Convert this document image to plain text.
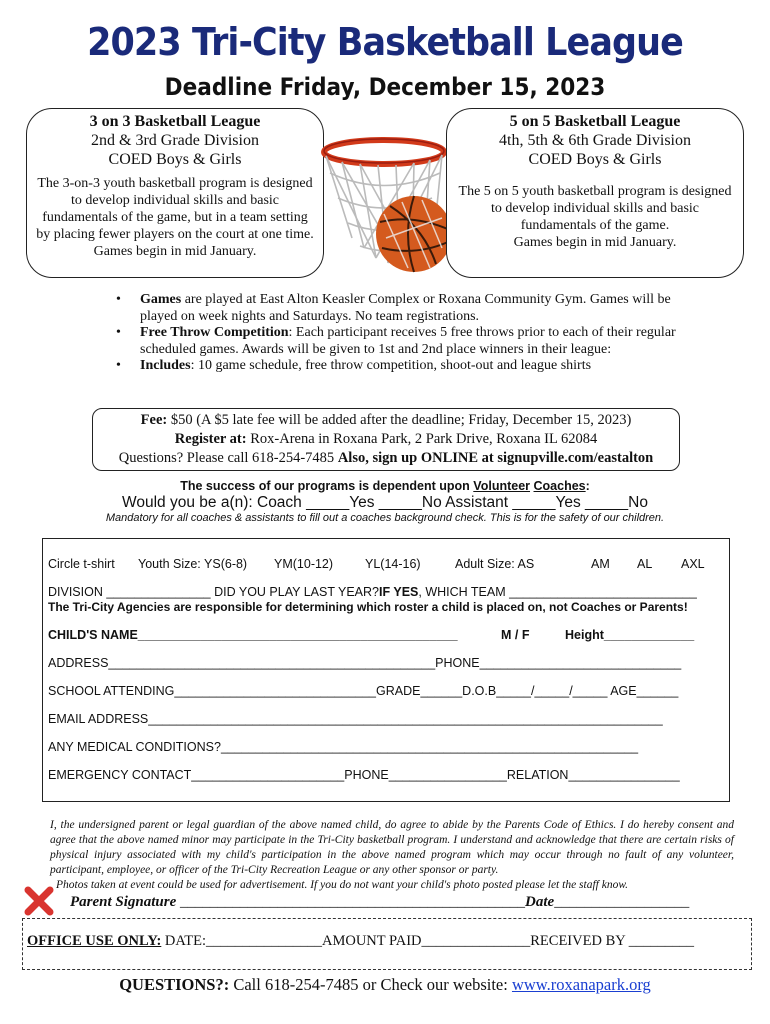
2023 Tri-City Basketball League
Deadline Friday, December 15, 2023
3 on 3 Basketball League
2nd & 3rd Grade Division
COED Boys & Girls

The 3-on-3 youth basketball program is designed to develop individual skills and basic fundamentals of the game, but in a team setting by placing fewer players on the court at one time.

Games begin in mid January.

5 on 5 Basketball League
4th, 5th & 6th Grade Division
COED Boys & Girls

The 5 on 5 youth basketball program is designed to develop individual skills and basic fundamentals of the game.

Games begin in mid January.

• Games are played at East Alton Keasler Complex or Roxana Community Gym. Games will be played on week nights and Saturdays. No team registrations.
• Free Throw Competition: Each participant receives 5 free throws prior to each of their regular scheduled games. Awards will be given to 1st and 2nd place winners in their league:
• Includes: 10 game schedule, free throw competition, shoot-out and league shirts
Fee: $50 (A $5 late fee will be added after the deadline; Friday, December 15, 2023)
Register at: Rox-Arena in Roxana Park, 2 Park Drive, Roxana IL 62084
Questions? Please call 618-254-7485 Also, sign up ONLINE at signupville.com/eastalton
The success of our programs is dependent upon Volunteer Coaches:
Would you be a(n): Coach _____Yes _____No Assistant _____Yes _____No
Mandatory for all coaches & assistants to fill out a coaches background check. This is for the safety of our children.
Circle t-shirt Youth Size: YS(6-8) YM(10-12)	YL(14-16)	Adult Size: AS	AM AL AXL
DIVISION _______________ DID YOU PLAY LAST YEAR?IF YES, WHICH TEAM ___________________________
The Tri-City Agencies are responsible for determining which roster a child is placed on, not Coaches or Parents!
CHILD'S NAME______________________________________________	M / F	Height_____________
ADDRESS_______________________________________________PHONE_____________________________
SCHOOL ATTENDING_____________________________GRADE______D.O.B_____/_____/_____ AGE______
EMAIL ADDRESS__________________________________________________________________________
ANY MEDICAL CONDITIONS?____________________________________________________________
EMERGENCY CONTACT______________________PHONE_________________RELATION________________
I, the undersigned parent or legal guardian of the above named child, do agree to abide by the Parents Code of Ethics. I do hereby consent and agree that the above named minor may participate in the Tri-City basketball program. I understand and acknowledge that there are certain risks of physical injury associated with my child's participation in the above named program which may occur through no fault of any volunteer, participant, employee, or officer of the Tri-City Recreation League or any other sponsor or party.
Photos taken at event could be used for advertisement. If you do not want your child's photo posted please let the staff know.
Parent Signature ______________________________________________Date__________________
OFFICE USE ONLY: DATE:________________AMOUNT PAID_______________RECEIVED BY _________
QUESTIONS?: Call 618-254-7485 or Check our website: www.roxanapark.org
